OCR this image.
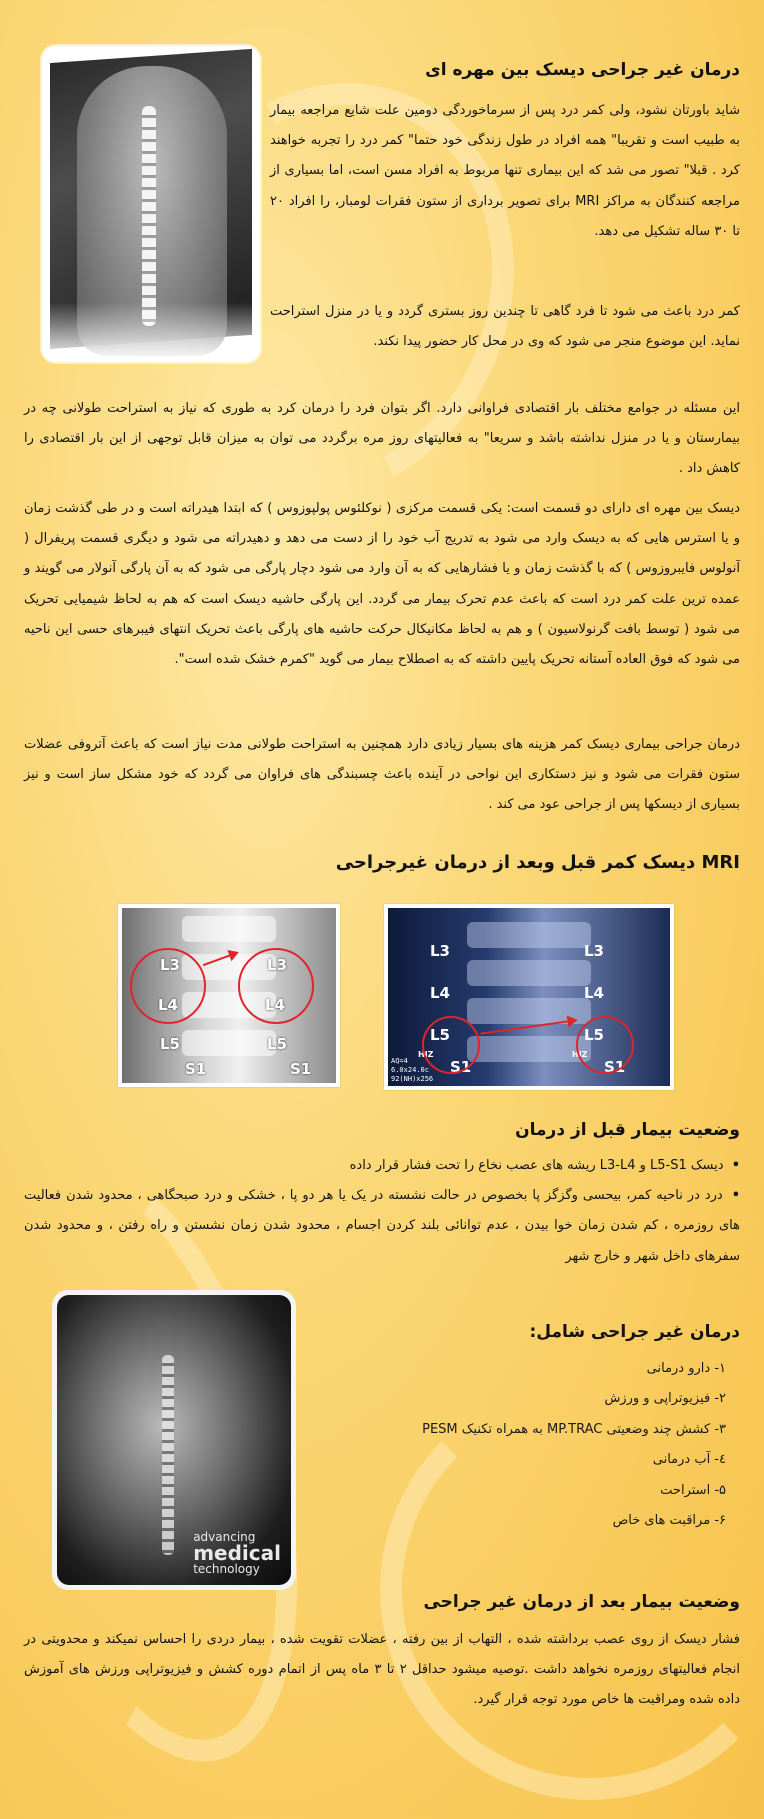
درمان غیر جراحی دیسک بین مهره ای

شاید باورتان نشود، ولی کمر درد پس از سرماخوردگی دومین علت شایع مراجعه بیمار به طبیب است و تقریبا" همه افراد در طول زندگی خود حتما" کمر درد را تجربه خواهند کرد . قبلا" تصور می شد که این بیماری تنها مربوط به افراد مسن است، اما بسیاری از مراجعه کنندگان به مراکز MRI برای تصویر برداری از ستون فقرات لومبار، را افراد ۲۰ تا ۳۰ ساله تشکیل می دهد.

کمر درد باعث می شود تا فرد گاهی تا چندین روز بستری گردد و یا در منزل استراحت نماید. این موضوع منجر می شود که وی در محل کار حضور پیدا نکند.

این مسئله در جوامع مختلف بار اقتصادی فراوانی دارد. اگر بتوان فرد را درمان کرد به طوری که نیاز به استراحت طولانی چه در بیمارستان و یا در منزل نداشته باشد و سریعا" به فعالیتهای روز مره برگردد می توان به میزان قابل توجهی از این بار اقتصادی را کاهش داد .

دیسک بین مهره ای دارای دو قسمت است: یکی قسمت مرکزی ( نوکلئوس پولپوزوس ) که ابتدا هیدراته است و در طی گذشت زمان و یا استرس هایی که به دیسک وارد می شود به تدریج آب خود را از دست می دهد و دهیدراته می شود و دیگری قسمت پریفرال ( آنولوس فایبروزوس ) که با گذشت زمان و یا فشارهایی که به آن وارد می شود دچار پارگی می شود که به آن پارگی آنولار می گویند و عمده ترین علت کمر درد است که باعث عدم تحرک بیمار می گردد. این پارگی حاشیه دیسک است که هم به لحاظ شیمیایی تحریک می شود ( توسط بافت گرنولاسیون ) و هم به لحاظ مکانیکال حرکت حاشیه های پارگی باعث تحریک انتهای فیبرهای حسی این ناحیه می شود که فوق العاده آستانه تحریک پایین داشته که به اصطلاح بیمار می گوید "کمرم خشک شده است".

درمان جراحی بیماری دیسک کمر هزینه های بسیار زیادی دارد همچنین به استراحت طولانی مدت نیاز است که باعث آتروفی عضلات ستون فقرات می شود و نیز دستکاری این نواحی در آینده باعث چسبندگی های فراوان می گردد که خود مشکل ساز است و نیز بسیاری از دیسکها پس از جراحی عود می کند .

MRI دیسک کمر قبل وبعد از درمان غیرجراحی
L3
L4
L5
S1
L3
L4
L5
S1
L3
L4
L5
S1
L3
L4
L5
S1
HIZ	HIZ
AQ=4
6.0x24.0c
92(NH)x256
وضعیت بیمار قبل از درمان
• دیسک L5-S1 و L3-L4 ریشه های عصب نخاع را تحت فشار قرار داده
• درد در ناحیه کمر، بیحسی وگزگز پا بخصوص در حالت نشسته در یک یا هر دو پا ، خشکی و درد صبحگاهی ، محدود شدن فعالیت های روزمره ، کم شدن زمان خوا بیدن ، عدم توانائی بلند کردن اجسام ، محدود شدن زمان نشستن و راه رفتن ، و محدود شدن سفرهای داخل شهر و خارج شهر
advancing
medical
technology
درمان غیر جراحی شامل:
۱- دارو درمانی
۲- فیزیوتراپی و ورزش
۳- کشش چند وضعیتی MP.TRAC به همراه تکنیک PESM
٤- آب درمانی
۵- استراحت
۶- مراقبت های خاص
وضعیت بیمار بعد از درمان غیر جراحی

فشار دیسک از روی عصب برداشته شده ، التهاب از بین رفته ، عضلات تقویت شده ، بیمار دردی را احساس نمیکند و محدویتی در انجام فعالیتهای روزمره نخواهد داشت .توصیه میشود حداقل ۲ تا ۳ ماه پس از اتمام دوره کشش و فیزیوتراپی ورزش های آموزش داده شده ومراقبت ها خاص مورد توجه قرار گیرد.
